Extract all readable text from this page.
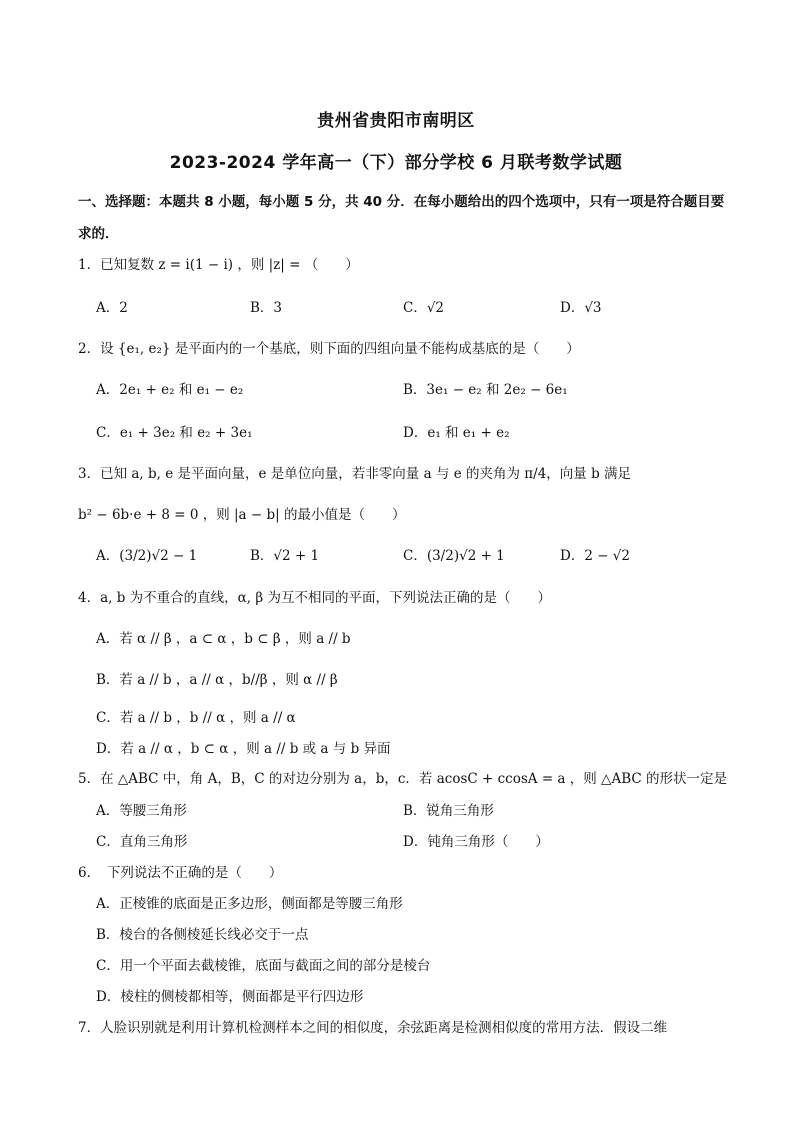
贵州省贵阳市南明区
2023-2024 学年高一（下）部分学校 6 月联考数学试题
一、选择题：本题共 8 小题，每小题 5 分，共 40 分．在每小题给出的四个选项中，只有一项是符合题目要求的．
1．已知复数 z = i(1 − i) ，则 |z| = （　　）
A．2	B．3	C．√2	D．√3
2．设 {e₁, e₂} 是平面内的一个基底，则下面的四组向量不能构成基底的是（　　）
A．2e₁ + e₂ 和 e₁ − e₂	B．3e₁ − e₂ 和 2e₂ − 6e₁
C．e₁ + 3e₂ 和 e₂ + 3e₁	D．e₁ 和 e₁ + e₂
3．已知 a, b, e 是平面向量，e 是单位向量，若非零向量 a 与 e 的夹角为 π/4，向量 b 满足
b² − 6b·e + 8 = 0 ，则 |a − b| 的最小值是（　　）
A．(3/2)√2 − 1	B．√2 + 1	C．(3/2)√2 + 1	D．2 − √2
4．a, b 为不重合的直线，α, β 为互不相同的平面，下列说法正确的是（　　）
A．若 α // β ，a ⊂ α ，b ⊂ β ，则 a // b
B．若 a // b ，a // α ，b//β ，则 α // β
C．若 a // b ，b // α ，则 a // α
D．若 a // α ，b ⊂ α ，则 a // b 或 a 与 b 异面
5．在 △ABC 中，角 A，B，C 的对边分别为 a，b，c．若 acosC + ccosA = a ，则 △ABC 的形状一定是
A．等腰三角形	B．锐角三角形
C．直角三角形	D．钝角三角形（　　）
6．　下列说法不正确的是（　　）
A．正棱锥的底面是正多边形，侧面都是等腰三角形
B．棱台的各侧棱延长线必交于一点
C．用一个平面去截棱锥，底面与截面之间的部分是棱台
D．棱柱的侧棱都相等，侧面都是平行四边形
7．人脸识别就是利用计算机检测样本之间的相似度，余弦距离是检测相似度的常用方法．假设二维
